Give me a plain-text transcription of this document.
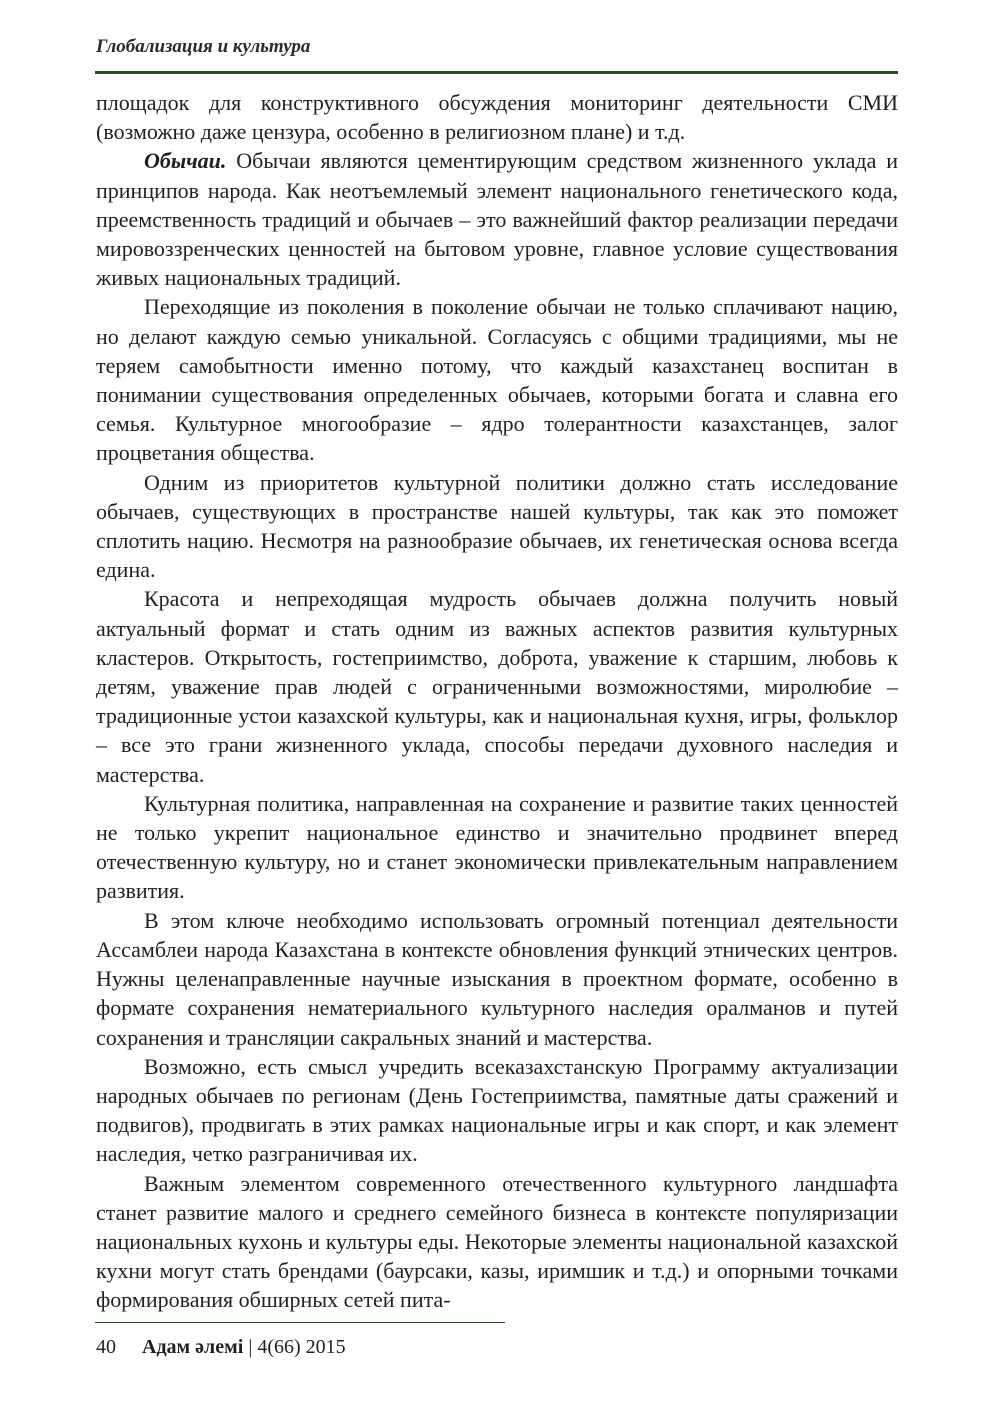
Глобализация и культура

площадок для конструктивного обсуждения мониторинг деятельности СМИ (возможно даже цензура, особенно в религиозном плане) и т.д.

Обычаи. Обычаи являются цементирующим средством жизненного уклада и принципов народа. Как неотъемлемый элемент национального генетического кода, преемственность традиций и обычаев – это важнейший фактор реализации передачи мировоззренческих ценностей на бытовом уровне, главное условие существования живых национальных традиций.

Переходящие из поколения в поколение обычаи не только сплачивают нацию, но делают каждую семью уникальной. Согласуясь с общими традициями, мы не теряем самобытности именно потому, что каждый казахстанец воспитан в понимании существования определенных обычаев, которыми богата и славна его семья. Культурное многообразие – ядро толерантности казахстанцев, залог процветания общества.

Одним из приоритетов культурной политики должно стать исследование обычаев, существующих в пространстве нашей культуры, так как это поможет сплотить нацию. Несмотря на разнообразие обычаев, их генетическая основа всегда едина.

Красота и непреходящая мудрость обычаев должна получить новый актуальный формат и стать одним из важных аспектов развития культурных кластеров. Открытость, гостеприимство, доброта, уважение к старшим, любовь к детям, уважение прав людей с ограниченными возможностями, миролюбие – традиционные устои казахской культуры, как и национальная кухня, игры, фольклор – все это грани жизненного уклада, способы передачи духовного наследия и мастерства.

Культурная политика, направленная на сохранение и развитие таких ценностей не только укрепит национальное единство и значительно продвинет вперед отечественную культуру, но и станет экономически привлекательным направлением развития.

В этом ключе необходимо использовать огромный потенциал деятельности Ассамблеи народа Казахстана в контексте обновления функций этнических центров. Нужны целенаправленные научные изыскания в проектном формате, особенно в формате сохранения нематериального культурного наследия оралманов и путей сохранения и трансляции сакральных знаний и мастерства.

Возможно, есть смысл учредить всеказахстанскую Программу актуализации народных обычаев по регионам (День Гостеприимства, памятные даты сражений и подвигов), продвигать в этих рамках национальные игры и как спорт, и как элемент наследия, четко разграничивая их.

Важным элементом современного отечественного культурного ландшафта станет развитие малого и среднего семейного бизнеса в контексте популяризации национальных кухонь и культуры еды. Некоторые элементы национальной казахской кухни могут стать брендами (баурсаки, казы, иримшик и т.д.) и опорными точками формирования обширных сетей пита-

40 Адам әлемі | 4(66) 2015
